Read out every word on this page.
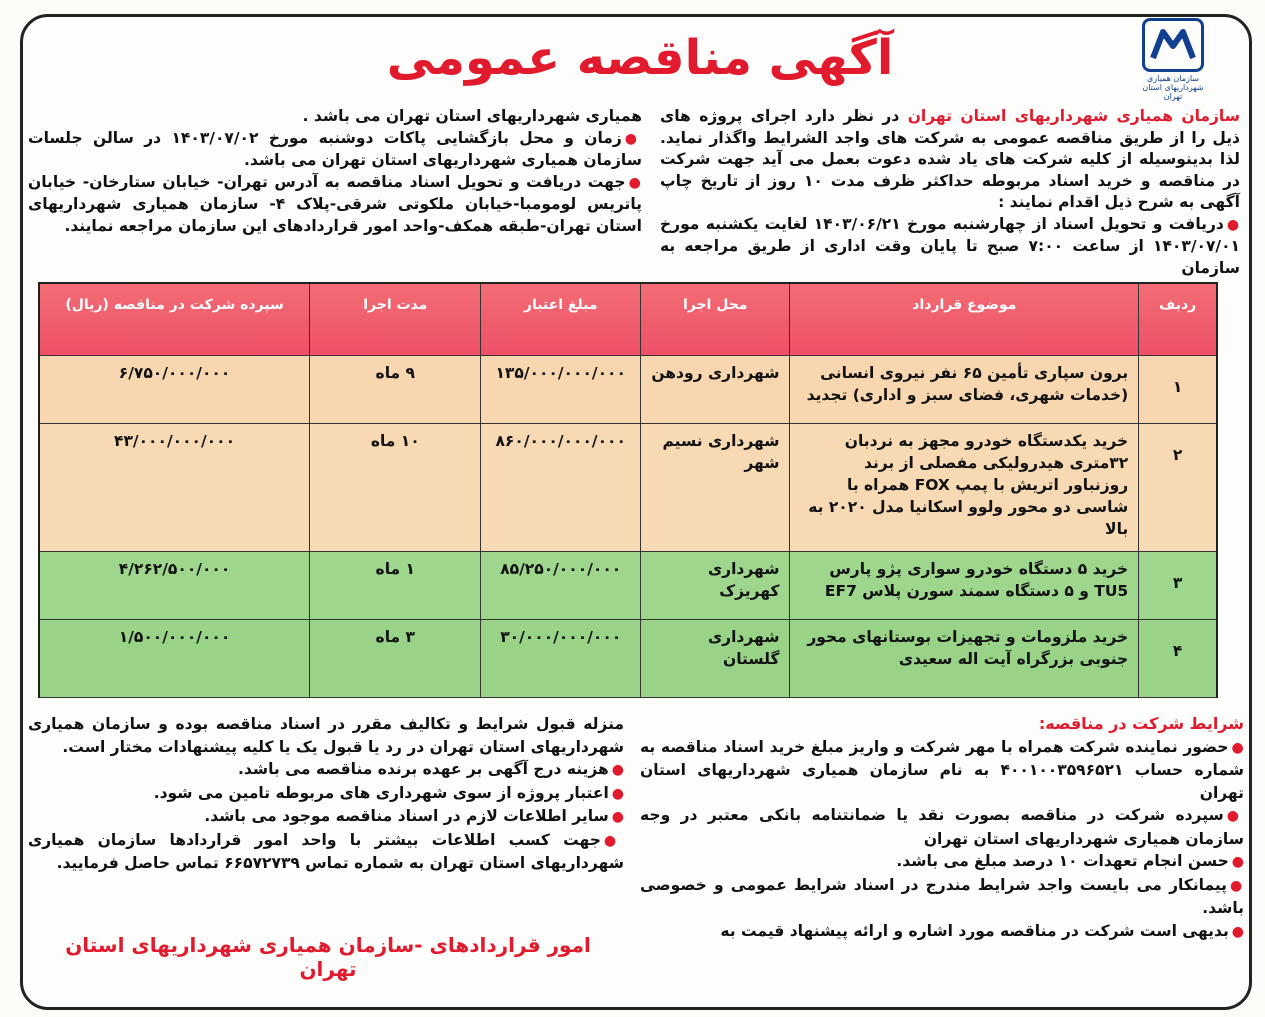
سازمان همیاری شهرداریهای استان تهران
آگهی مناقصه عمومی
سازمان همیاری شهرداریهای استان تهران در نظر دارد اجرای پروژه های ذیل را از طریق مناقصه عمومی به شرکت های واجد الشرایط واگذار نماید. لذا بدینوسیله از کلیه شرکت های یاد شده دعوت بعمل می آید جهت شرکت در مناقصه و خرید اسناد مربوطه حداکثر ظرف مدت ۱۰ روز از تاریخ چاپ آگهی به شرح ذیل اقدام نمایند :
●دریافت و تحویل اسناد از چهارشنبه مورخ ۱۴۰۳/۰۶/۲۱ لغایت یکشنبه مورخ ۱۴۰۳/۰۷/۰۱ از ساعت ۷:۰۰ صبح تا پایان وقت اداری از طریق مراجعه به سازمان
همیاری شهرداریهای استان تهران می باشد .
●زمان و محل بازگشایی پاکات دوشنبه مورخ ۱۴۰۳/۰۷/۰۲ در سالن جلسات سازمان همیاری شهرداریهای استان تهران می باشد.
●جهت دریافت و تحویل اسناد مناقصه به آدرس تهران- خیابان ستارخان- خیابان پاتریس لومومبا-خیابان ملکوتی شرقی-پلاک ۴- سازمان همیاری شهرداریهای استان تهران-طبقه همکف-واحد امور قراردادهای این سازمان مراجعه نمایند.
ردیف
موضوع قرارداد
محل اجرا
مبلغ اعتبار
مدت اجرا
سپرده شرکت در مناقصه (ریال)
۱
برون سپاری تأمین ۶۵ نفر نیروی انسانی (خدمات شهری، فضای سبز و اداری) تجدید
شهرداری رودهن
۱۳۵/۰۰۰/۰۰۰/۰۰۰
۹ ماه
۶/۷۵۰/۰۰۰/۰۰۰
۲
خرید یکدستگاه خودرو مجهز به نردبان ۳۲متری هیدرولیکی مفصلی از برند روزنباور اتریش با پمپ FOX همراه با شاسی دو محور ولوو اسکانیا مدل ۲۰۲۰ به بالا
شهرداری نسیم شهر
۸۶۰/۰۰۰/۰۰۰/۰۰۰
۱۰ ماه
۴۳/۰۰۰/۰۰۰/۰۰۰
۳
خرید ۵ دستگاه خودرو سواری پژو پارس TU5 و ۵ دستگاه سمند سورن پلاس EF7
شهرداری کهریزک
۸۵/۲۵۰/۰۰۰/۰۰۰
۱ ماه
۴/۲۶۲/۵۰۰/۰۰۰
۴
خرید ملزومات و تجهیزات بوستانهای محور جنوبی بزرگراه آیت اله سعیدی
شهرداری گلستان
۳۰/۰۰۰/۰۰۰/۰۰۰
۳ ماه
۱/۵۰۰/۰۰۰/۰۰۰
شرایط شرکت در مناقصه:
●حضور نماینده شرکت همراه با مهر شرکت و واریز مبلغ خرید اسناد مناقصه به شماره حساب ۴۰۰۱۰۰۳۵۹۶۵۲۱ به نام سازمان همیاری شهرداریهای استان تهران
●سپرده شرکت در مناقصه بصورت نقد یا ضمانتنامه بانکی معتبر در وجه سازمان همیاری شهرداریهای استان تهران
●حسن انجام تعهدات ۱۰ درصد مبلغ می باشد.
●پیمانکار می بایست واجد شرایط مندرج در اسناد شرایط عمومی و خصوصی باشد.
●بدیهی است شرکت در مناقصه مورد اشاره و ارائه پیشنهاد قیمت به
منزله قبول شرایط و تکالیف مقرر در اسناد مناقصه بوده و سازمان همیاری شهرداریهای استان تهران در رد یا قبول یک یا کلیه پیشنهادات مختار است.
●هزینه درج آگهی بر عهده برنده مناقصه می باشد.
●اعتبار پروژه از سوی شهرداری های مربوطه تامین می شود.
●سایر اطلاعات لازم در اسناد مناقصه موجود می باشد.
●جهت کسب اطلاعات بیشتر با واحد امور قراردادها سازمان همیاری شهرداریهای استان تهران به شماره تماس ۶۶۵۷۲۷۳۹ تماس حاصل فرمایید.
امور قراردادهای -سازمان همیاری شهرداریهای استان تهران
